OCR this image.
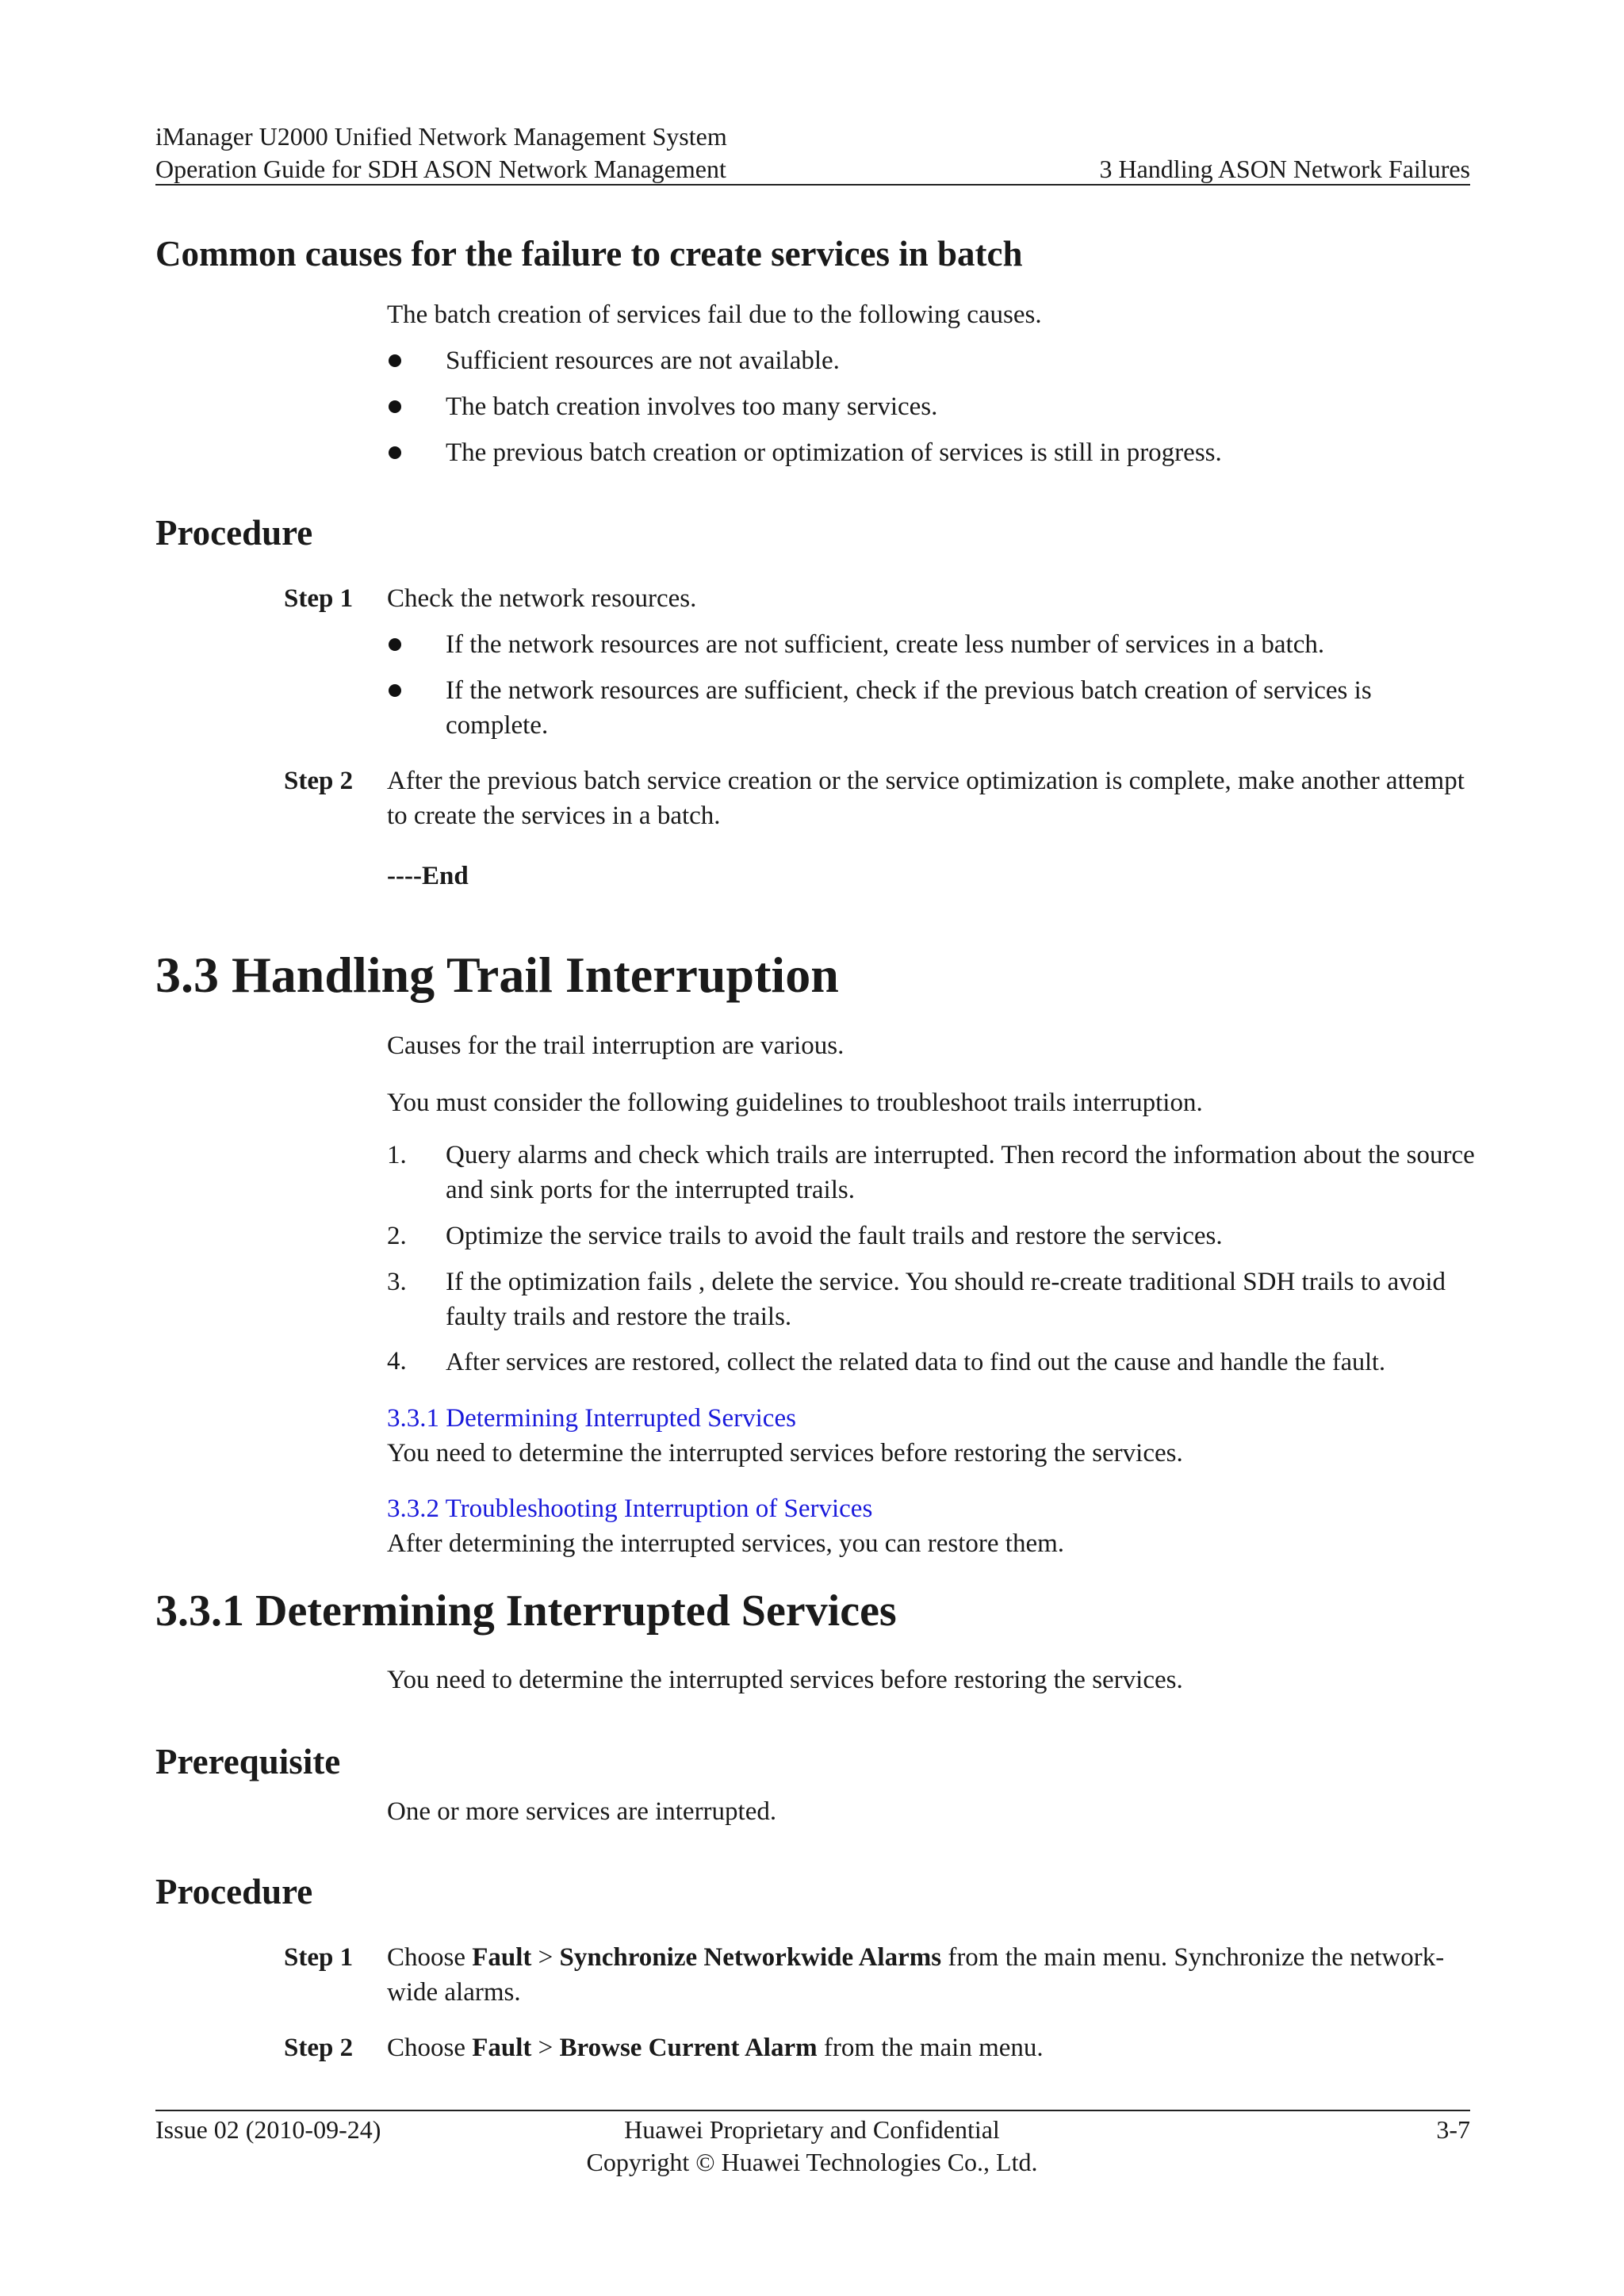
iManager U2000 Unified Network Management System
Operation Guide for SDH ASON Network Management	3 Handling ASON Network Failures
Common causes for the failure to create services in batch
The batch creation of services fail due to the following causes.
Sufficient resources are not available.
The batch creation involves too many services.
The previous batch creation or optimization of services is still in progress.
Procedure
Step 1 Check the network resources.
If the network resources are not sufficient, create less number of services in a batch.
If the network resources are sufficient, check if the previous batch creation of services is complete.
Step 2 After the previous batch service creation or the service optimization is complete, make another attempt to create the services in a batch.
----End
3.3 Handling Trail Interruption
Causes for the trail interruption are various.
You must consider the following guidelines to troubleshoot trails interruption.
1. Query alarms and check which trails are interrupted. Then record the information about the source and sink ports for the interrupted trails.
2. Optimize the service trails to avoid the fault trails and restore the services.
3. If the optimization fails , delete the service. You should re-create traditional SDH trails to avoid faulty trails and restore the trails.
4. After services are restored, collect the related data to find out the cause and handle the fault.
3.3.1 Determining Interrupted Services
You need to determine the interrupted services before restoring the services.
3.3.2 Troubleshooting Interruption of Services
After determining the interrupted services, you can restore them.
3.3.1 Determining Interrupted Services
You need to determine the interrupted services before restoring the services.
Prerequisite
One or more services are interrupted.
Procedure
Step 1 Choose Fault > Synchronize Networkwide Alarms from the main menu. Synchronize the network-wide alarms.
Step 2 Choose Fault > Browse Current Alarm from the main menu.
Issue 02 (2010-09-24)	Huawei Proprietary and Confidential
Copyright © Huawei Technologies Co., Ltd.
3-7
